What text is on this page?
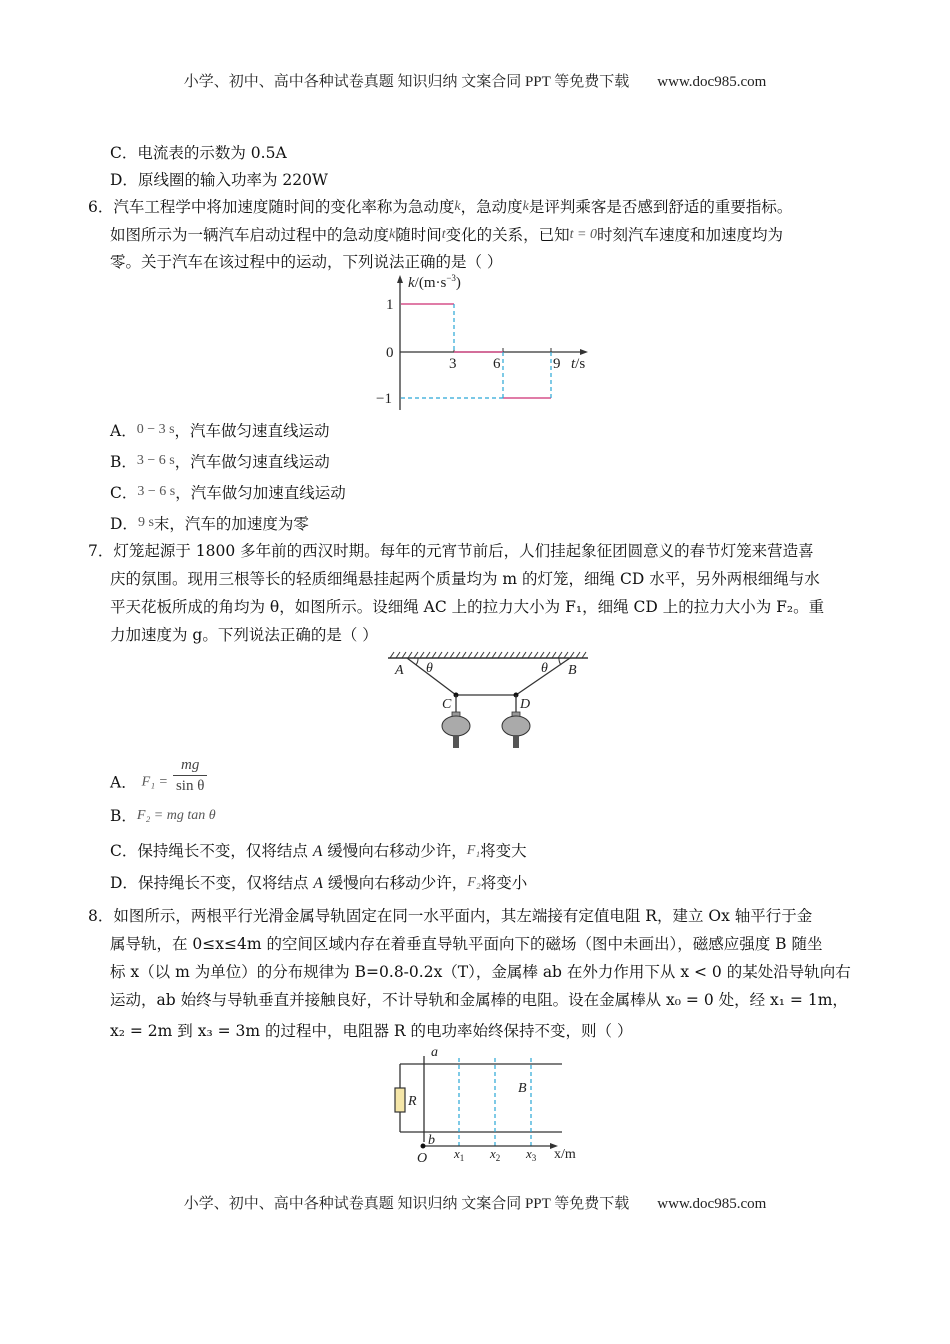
小学、初中、高中各种试卷真题 知识归纳 文案合同 PPT 等免费下载 www.doc985.com
C．电流表的示数为 0.5A
D．原线圈的输入功率为 220W
6．汽车工程学中将加速度随时间的变化率称为急动度k，急动度k是评判乘客是否感到舒适的重要指标。
如图所示为一辆汽车启动过程中的急动度k随时间t变化的关系，已知t = 0时刻汽车速度和加速度均为
零。关于汽车在该过程中的运动，下列说法正确的是（ ）
$k/(m\cdot s^{-3})$
1
0
−1
3 6	9 t/s
A．0 − 3 s，汽车做匀速直线运动
B．3 − 6 s，汽车做匀速直线运动
C．3 − 6 s，汽车做匀加速直线运动
D．9 s末，汽车的加速度为零
7．灯笼起源于 1800 多年前的西汉时期。每年的元宵节前后，人们挂起象征团圆意义的春节灯笼来营造喜
庆的氛围。现用三根等长的轻质细绳悬挂起两个质量均为 m 的灯笼，细绳 CD 水平，另外两根细绳与水
平天花板所成的角均为 θ，如图所示。设细绳 AC 上的拉力大小为 F₁，细绳 CD 上的拉力大小为 F₂。重
力加速度为 g。下列说法正确的是（ ）
A θ	θ B
C	D
A． $F_1 = \frac{mg}{\text{sin θ}}$
B．F₂ = mg tan θ
C．保持绳长不变，仅将结点 A 缓慢向右移动少许，F₁将变大
D．保持绳长不变，仅将结点 A 缓慢向右移动少许，F₂将变小
8．如图所示，两根平行光滑金属导轨固定在同一水平面内，其左端接有定值电阻 R，建立 Ox 轴平行于金
属导轨，在 0≤x≤4m 的空间区域内存在着垂直导轨平面向下的磁场（图中未画出），磁感应强度 B 随坐
标 x（以 m 为单位）的分布规律为 B=0.8-0.2x（T），金属棒 ab 在外力作用下从 x < 0 的某处沿导轨向右
运动，ab 始终与导轨垂直并接触良好，不计导轨和金属棒的电阻。设在金属棒从 x₀ = 0 处，经 x₁ = 1m，
x₂ = 2m 到 x₃ = 3m 的过程中，电阻器 R 的电功率始终保持不变，则（ ）
a
R
B
b
O $x_1$ $x_2$ $x_3$ x/m
小学、初中、高中各种试卷真题 知识归纳 文案合同 PPT 等免费下载 www.doc985.com
